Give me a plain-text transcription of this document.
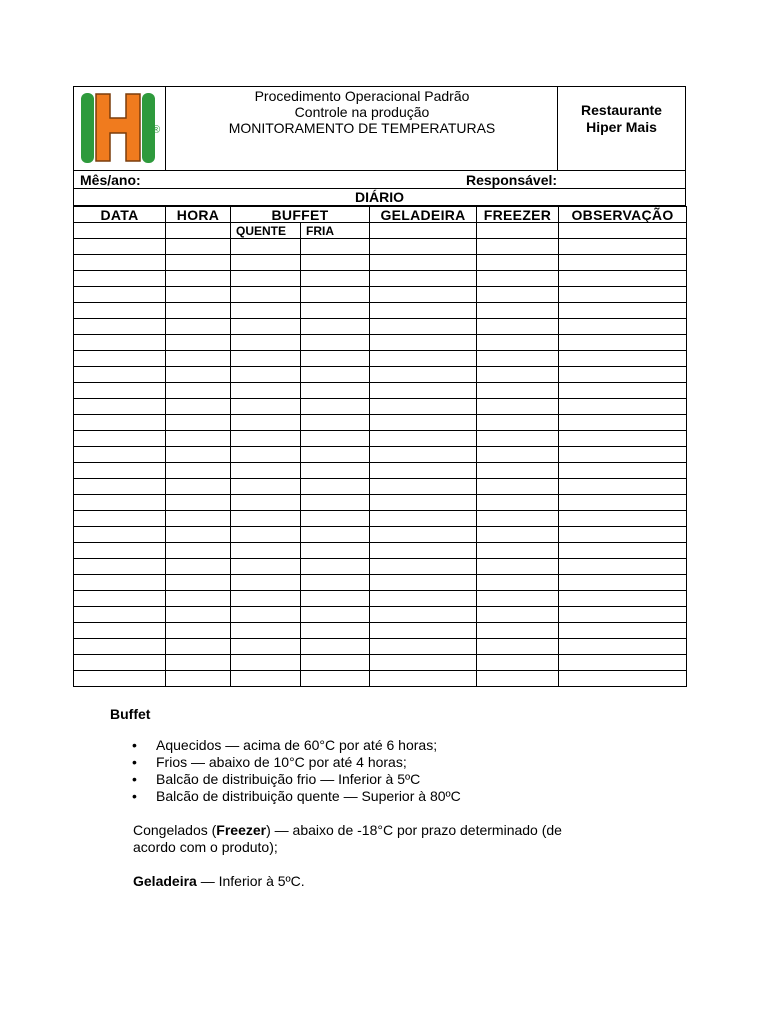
®
Procedimento Operacional Padrão
Controle na produção
MONITORAMENTO DE TEMPERATURAS
Restaurante
Hiper Mais
Mês/ano:	Responsável:
DIÁRIO
DATA	HORA	BUFFET		GELADEIRA	FREEZER	OBSERVAÇÃO
		QUENTE	FRIA			

Buffet
• Aquecidos — acima de 60°C por até 6 horas;
• Frios — abaixo de 10°C por até 4 horas;
• Balcão de distribuição frio — Inferior à 5ºC
• Balcão de distribuição quente — Superior à 80ºC
Congelados (Freezer) — abaixo de -18°C por prazo determinado (de
acordo com o produto);
Geladeira — Inferior à 5ºC.
